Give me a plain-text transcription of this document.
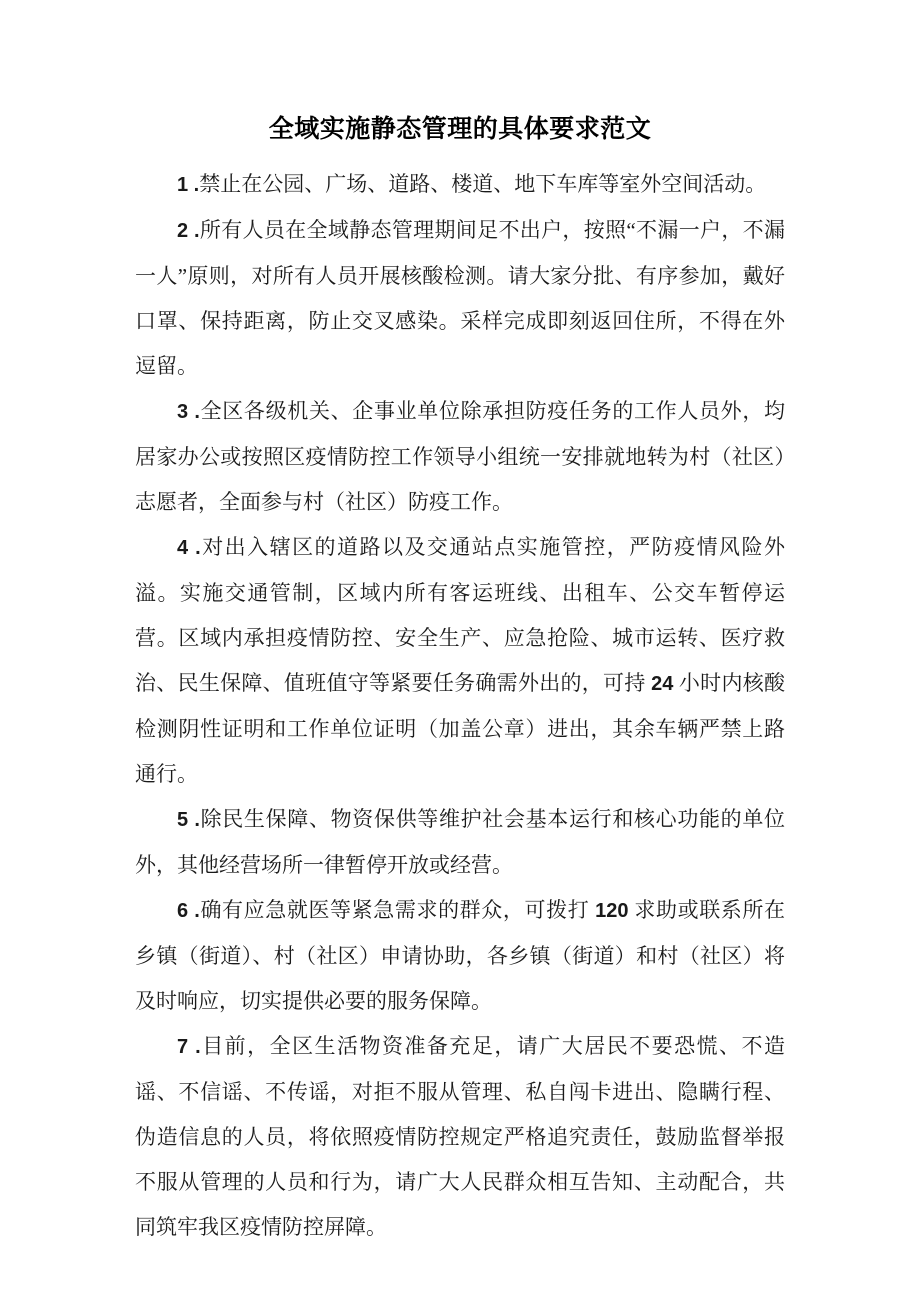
全域实施静态管理的具体要求范文

1 .禁止在公园、广场、道路、楼道、地下车库等室外空间活动。

2 .所有人员在全域静态管理期间足不出户，按照“不漏一户，不漏一人”原则，对所有人员开展核酸检测。请大家分批、有序参加，戴好口罩、保持距离，防止交叉感染。采样完成即刻返回住所，不得在外逗留。

3 .全区各级机关、企事业单位除承担防疫任务的工作人员外，均居家办公或按照区疫情防控工作领导小组统一安排就地转为村（社区）志愿者，全面参与村（社区）防疫工作。

4 .对出入辖区的道路以及交通站点实施管控，严防疫情风险外溢。实施交通管制，区域内所有客运班线、出租车、公交车暂停运营。区域内承担疫情防控、安全生产、应急抢险、城市运转、医疗救治、民生保障、值班值守等紧要任务确需外出的，可持 24 小时内核酸检测阴性证明和工作单位证明（加盖公章）进出，其余车辆严禁上路通行。

5 .除民生保障、物资保供等维护社会基本运行和核心功能的单位外，其他经营场所一律暂停开放或经营。

6 .确有应急就医等紧急需求的群众，可拨打 120 求助或联系所在乡镇（街道）、村（社区）申请协助，各乡镇（街道）和村（社区）将及时响应，切实提供必要的服务保障。

7 .目前，全区生活物资准备充足，请广大居民不要恐慌、不造谣、不信谣、不传谣，对拒不服从管理、私自闯卡进出、隐瞒行程、伪造信息的人员，将依照疫情防控规定严格追究责任，鼓励监督举报不服从管理的人员和行为，请广大人民群众相互告知、主动配合，共同筑牢我区疫情防控屏障。
